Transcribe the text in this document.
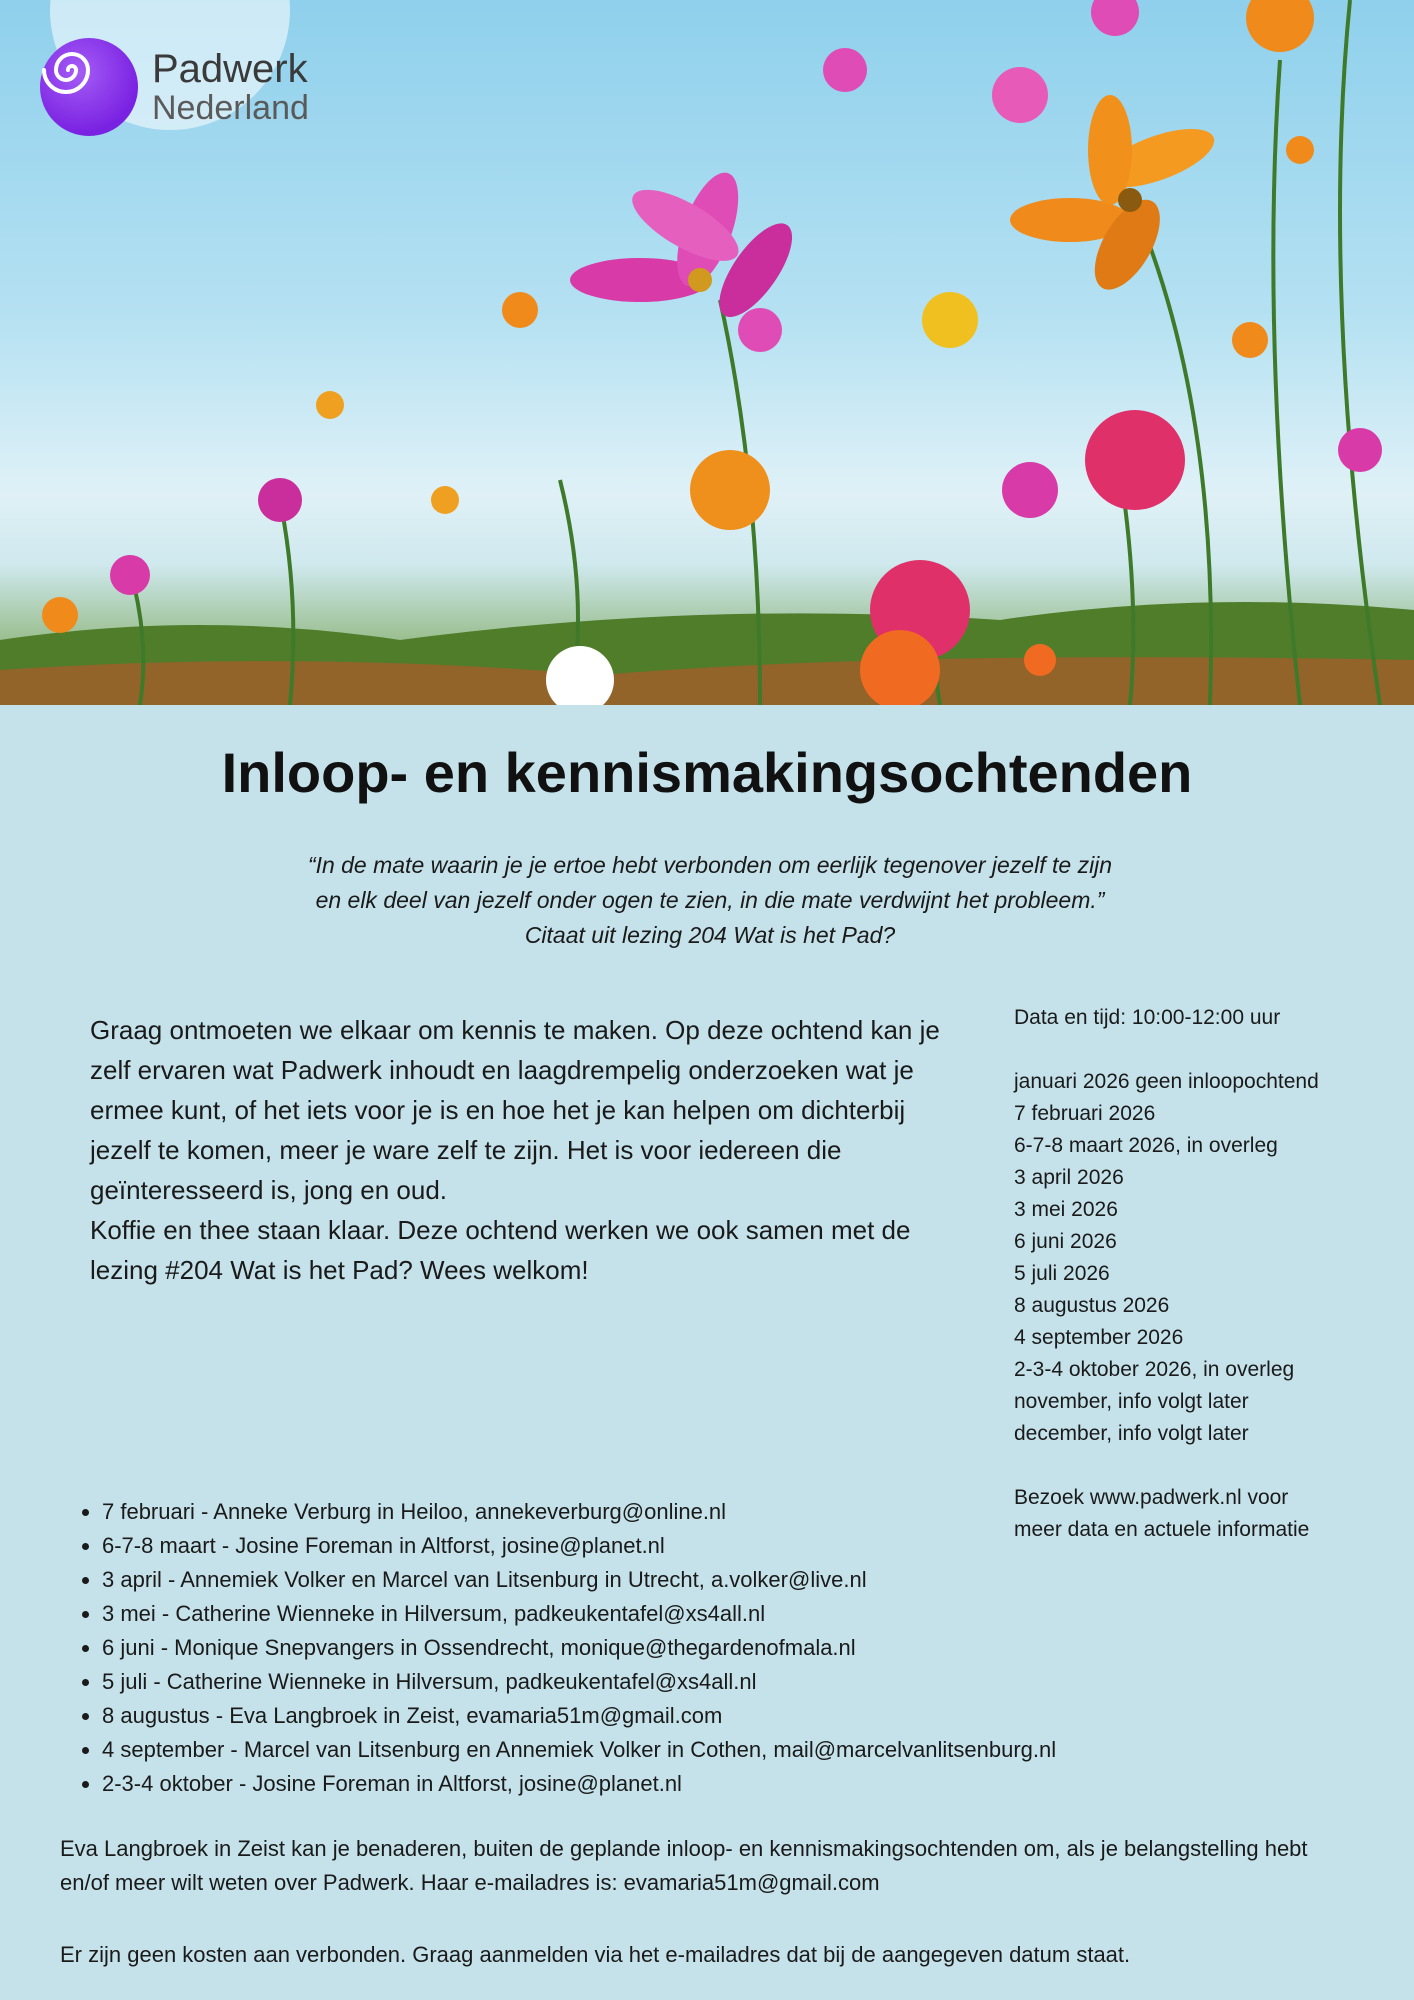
Padwerk
Nederland
Inloop- en kennismakingsochtenden
“In de mate waarin je je ertoe hebt verbonden om eerlijk tegenover jezelf te zijn
en elk deel van jezelf onder ogen te zien, in die mate verdwijnt het probleem.”
Citaat uit lezing 204 Wat is het Pad?

Graag ontmoeten we elkaar om kennis te maken. Op deze ochtend kan je zelf ervaren wat Padwerk inhoudt en laagdrempelig onderzoeken wat je ermee kunt, of het iets voor je is en hoe het je kan helpen om dichterbij jezelf te komen, meer je ware zelf te zijn. Het is voor iedereen die geïnteresseerd is, jong en oud.

Koffie en thee staan klaar. Deze ochtend werken we ook samen met de lezing #204 Wat is het Pad? Wees welkom!

Data en tijd: 10:00-12:00 uur
januari 2026 geen inloopochtend
7 februari 2026
6-7-8 maart 2026, in overleg
3 april 2026
3 mei 2026
6 juni 2026
5 juli 2026
8 augustus 2026
4 september 2026
2-3-4 oktober 2026, in overleg
november, info volgt later
december, info volgt later
Bezoek www.padwerk.nl voor
meer data en actuele informatie
• 7 februari - Anneke Verburg in Heiloo, annekeverburg@online.nl
• 6-7-8 maart - Josine Foreman in Altforst, josine@planet.nl
• 3 april - Annemiek Volker en Marcel van Litsenburg in Utrecht, a.volker@live.nl
• 3 mei - Catherine Wienneke in Hilversum, padkeukentafel@xs4all.nl
• 6 juni - Monique Snepvangers in Ossendrecht, monique@thegardenofmala.nl
• 5 juli - Catherine Wienneke in Hilversum, padkeukentafel@xs4all.nl
• 8 augustus - Eva Langbroek in Zeist, evamaria51m@gmail.com
• 4 september - Marcel van Litsenburg en Annemiek Volker in Cothen, mail@marcelvanlitsenburg.nl
• 2-3-4 oktober - Josine Foreman in Altforst, josine@planet.nl

Eva Langbroek in Zeist kan je benaderen, buiten de geplande inloop- en kennismakingsochtenden om, als je belangstelling hebt en/of meer wilt weten over Padwerk. Haar e-mailadres is: evamaria51m@gmail.com

Er zijn geen kosten aan verbonden. Graag aanmelden via het e-mailadres dat bij de aangegeven datum staat.
